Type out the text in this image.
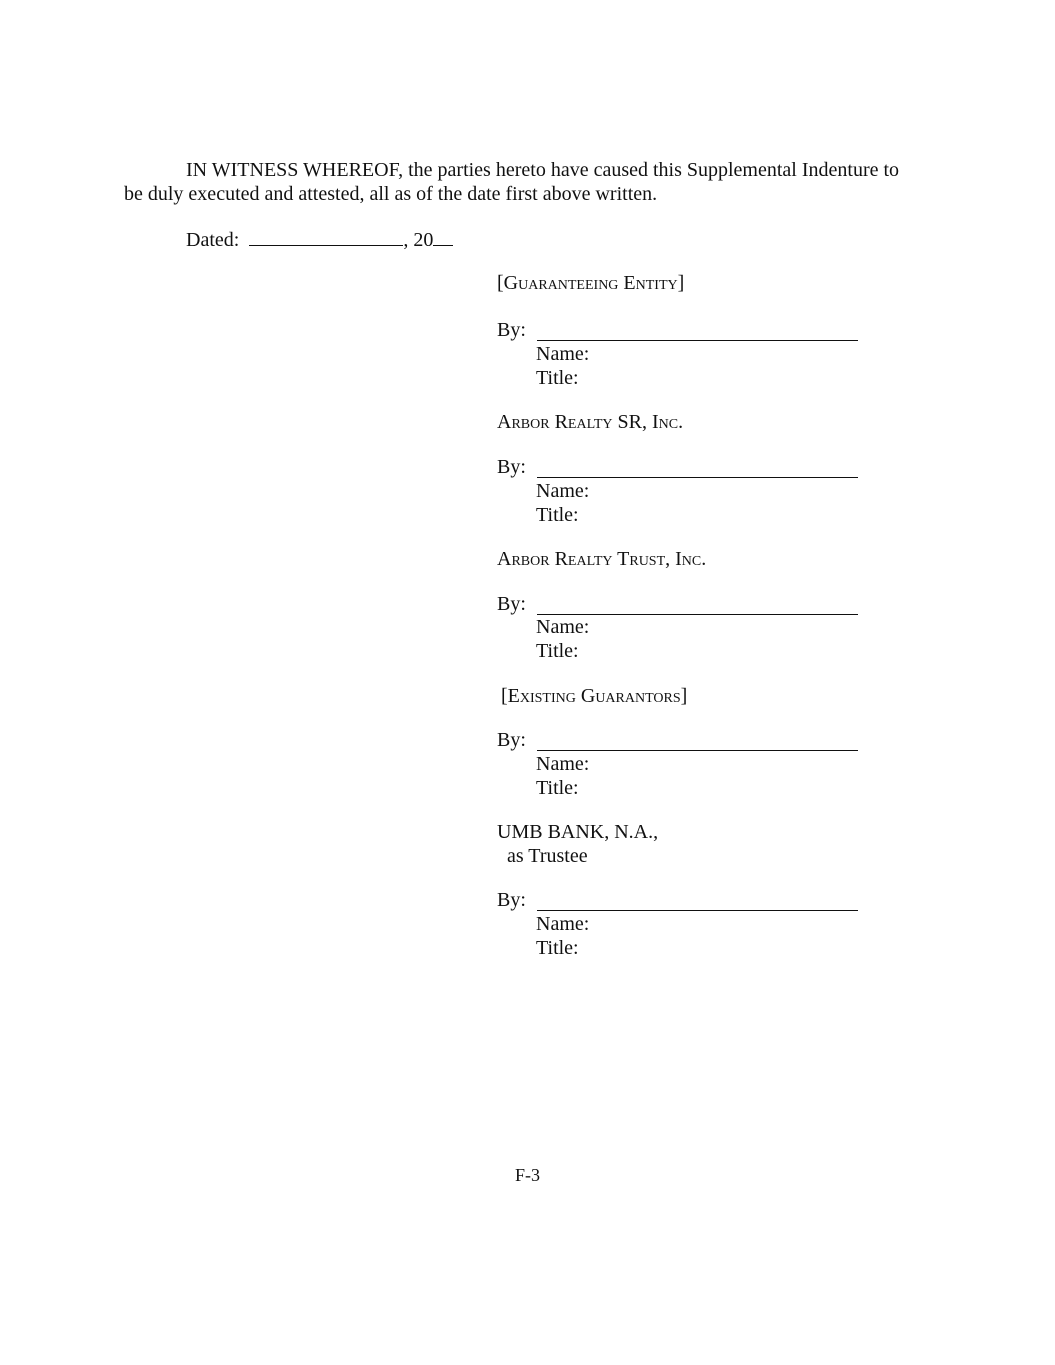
IN WITNESS WHEREOF, the parties hereto have caused this Supplemental Indenture to
be duly executed and attested, all as of the date first above written.
Dated:	, 20
[Guaranteeing Entity]
By:
Name:
Title:
Arbor Realty SR, Inc.
By:
Name:
Title:
Arbor Realty Trust, Inc.
By:
Name:
Title:
[Existing Guarantors]
By:
Name:
Title:
UMB BANK, N.A.,
as Trustee
By:
Name:
Title:
F-3
